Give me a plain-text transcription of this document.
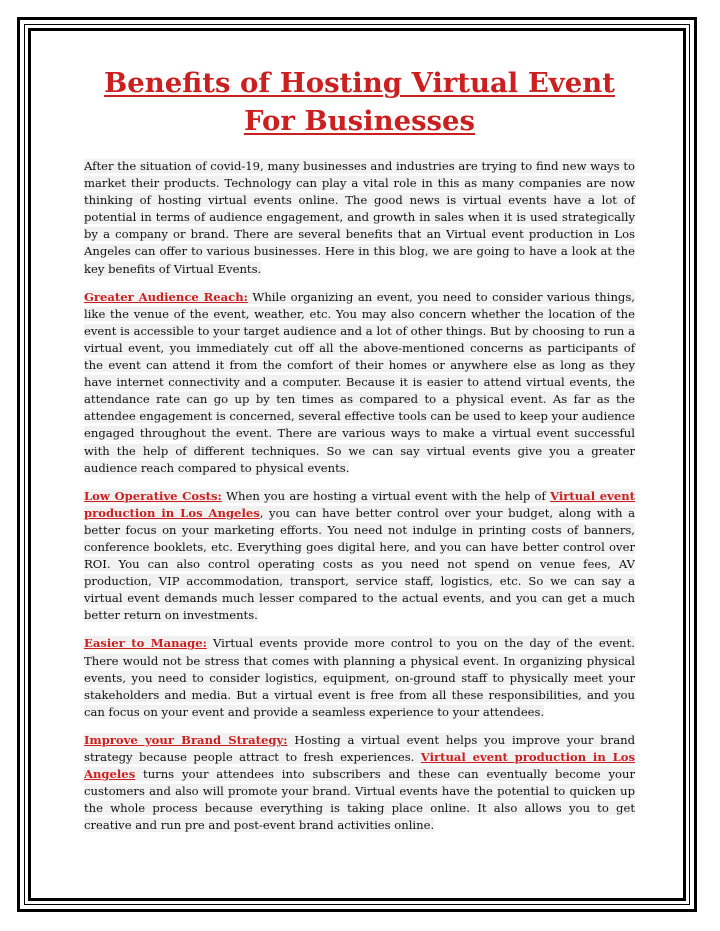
Benefits of Hosting Virtual Event
For Businesses

After the situation of covid-19, many businesses and industries are trying to find new ways to market their products. Technology can play a vital role in this as many companies are now thinking of hosting virtual events online. The good news is virtual events have a lot of potential in terms of audience engagement, and growth in sales when it is used strategically by a company or brand. There are several benefits that an Virtual event production in Los Angeles can offer to various businesses. Here in this blog, we are going to have a look at the key benefits of Virtual Events.

Greater Audience Reach: While organizing an event, you need to consider various things, like the venue of the event, weather, etc. You may also concern whether the location of the event is accessible to your target audience and a lot of other things. But by choosing to run a virtual event, you immediately cut off all the above-mentioned concerns as participants of the event can attend it from the comfort of their homes or anywhere else as long as they have internet connectivity and a computer. Because it is easier to attend virtual events, the attendance rate can go up by ten times as compared to a physical event. As far as the attendee engagement is concerned, several effective tools can be used to keep your audience engaged throughout the event. There are various ways to make a virtual event successful with the help of different techniques. So we can say virtual events give you a greater audience reach compared to physical events.

Low Operative Costs: When you are hosting a virtual event with the help of Virtual event production in Los Angeles, you can have better control over your budget, along with a better focus on your marketing efforts. You need not indulge in printing costs of banners, conference booklets, etc. Everything goes digital here, and you can have better control over ROI. You can also control operating costs as you need not spend on venue fees, AV production, VIP accommodation, transport, service staff, logistics, etc. So we can say a virtual event demands much lesser compared to the actual events, and you can get a much better return on investments.

Easier to Manage: Virtual events provide more control to you on the day of the event. There would not be stress that comes with planning a physical event. In organizing physical events, you need to consider logistics, equipment, on-ground staff to physically meet your stakeholders and media. But a virtual event is free from all these responsibilities, and you can focus on your event and provide a seamless experience to your attendees.

Improve your Brand Strategy: Hosting a virtual event helps you improve your brand strategy because people attract to fresh experiences. Virtual event production in Los Angeles turns your attendees into subscribers and these can eventually become your customers and also will promote your brand. Virtual events have the potential to quicken up the whole process because everything is taking place online. It also allows you to get creative and run pre and post-event brand activities online.
